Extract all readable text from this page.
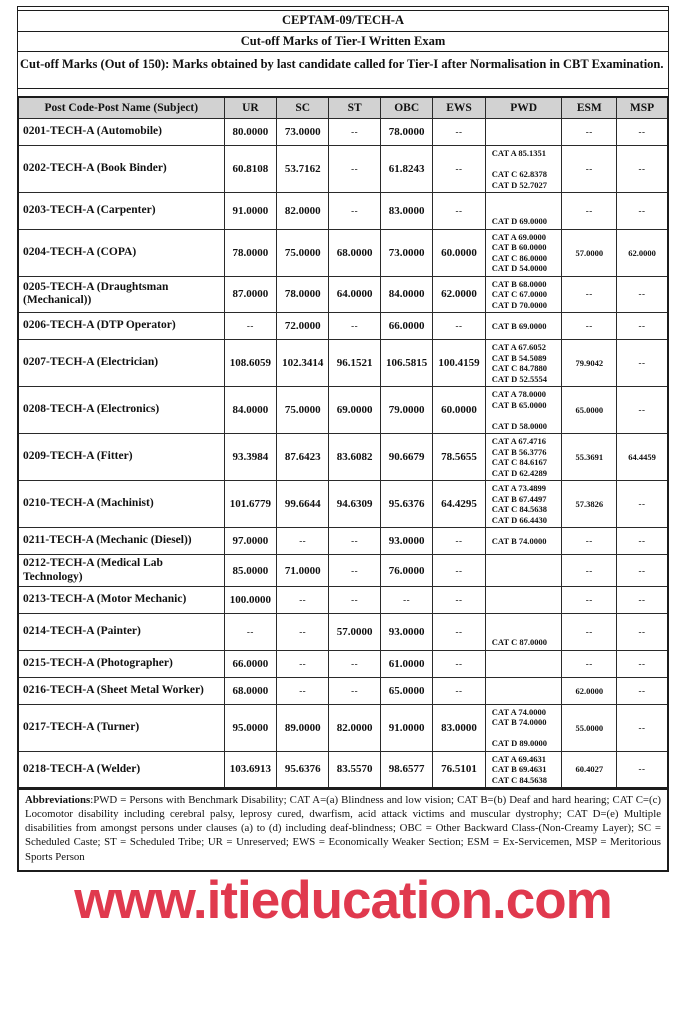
CEPTAM-09/TECH-A
Cut-off Marks of Tier-I Written Exam
Cut-off Marks (Out of 150): Marks obtained by last candidate called for Tier-I after Normalisation in CBT Examination.
Post Code-Post Name (Subject)	UR	SC	ST	OBC	EWS	PWD	ESM	MSP
0201-TECH-A (Automobile)	80.0000	73.0000	--	78.0000	--		--	--
0202-TECH-A (Book Binder)	60.8108	53.7162	--	61.8243	--	CAT A 85.1351

CAT C 62.8378
CAT D 52.7027	--	--
0203-TECH-A (Carpenter)	91.0000	82.0000	--	83.0000	--	CAT D 69.0000	--	--
0204-TECH-A (COPA)	78.0000	75.0000	68.0000	73.0000	60.0000	CAT A 69.0000
CAT B 60.0000
CAT C 86.0000
CAT D 54.0000	57.0000	62.0000
0205-TECH-A (Draughtsman (Mechanical))	87.0000	78.0000	64.0000	84.0000	62.0000	CAT B 68.0000
CAT C 67.0000
CAT D 70.0000	--	--
0206-TECH-A (DTP Operator)	--	72.0000	--	66.0000	--	CAT B 69.0000	--	--
0207-TECH-A (Electrician)	108.6059	102.3414	96.1521	106.5815	100.4159	CAT A 67.6052
CAT B 54.5089
CAT C 84.7880
CAT D 52.5554	79.9042	--
0208-TECH-A (Electronics)	84.0000	75.0000	69.0000	79.0000	60.0000	CAT A 78.0000
CAT B 65.0000

CAT D 58.0000	65.0000	--
0209-TECH-A (Fitter)	93.3984	87.6423	83.6082	90.6679	78.5655	CAT A 67.4716
CAT B 56.3776
CAT C 84.6167
CAT D 62.4289	55.3691	64.4459
0210-TECH-A (Machinist)	101.6779	99.6644	94.6309	95.6376	64.4295	CAT A 73.4899
CAT B 67.4497
CAT C 84.5638
CAT D 66.4430	57.3826	--
0211-TECH-A (Mechanic (Diesel))	97.0000	--	--	93.0000	--	CAT B 74.0000	--	--
0212-TECH-A (Medical Lab Technology)	85.0000	71.0000	--	76.0000	--		--	--
0213-TECH-A (Motor Mechanic)	100.0000	--	--	--	--		--	--
0214-TECH-A (Painter)	--	--	57.0000	93.0000	--	CAT C 87.0000	--	--
0215-TECH-A (Photographer)	66.0000	--	--	61.0000	--		--	--
0216-TECH-A (Sheet Metal Worker)	68.0000	--	--	65.0000	--		62.0000	--
0217-TECH-A (Turner)	95.0000	89.0000	82.0000	91.0000	83.0000	CAT A 74.0000
CAT B 74.0000

CAT D 89.0000	55.0000	--
0218-TECH-A (Welder)	103.6913	95.6376	83.5570	98.6577	76.5101	CAT A 69.4631
CAT B 69.4631
CAT C 84.5638	60.4027	--
Abbreviations:PWD = Persons with Benchmark Disability; CAT A=(a) Blindness and low vision; CAT B=(b) Deaf and hard hearing; CAT C=(c) Locomotor disability including cerebral palsy, leprosy cured, dwarfism, acid attack victims and muscular dystrophy; CAT D=(e) Multiple disabilities from amongst persons under clauses (a) to (d) including deaf-blindness; OBC = Other Backward Class-(Non-Creamy Layer); SC = Scheduled Caste; ST = Scheduled Tribe; UR = Unreserved; EWS = Economically Weaker Section; ESM = Ex-Servicemen, MSP = Meritorious Sports Person
www.itieducation.com
